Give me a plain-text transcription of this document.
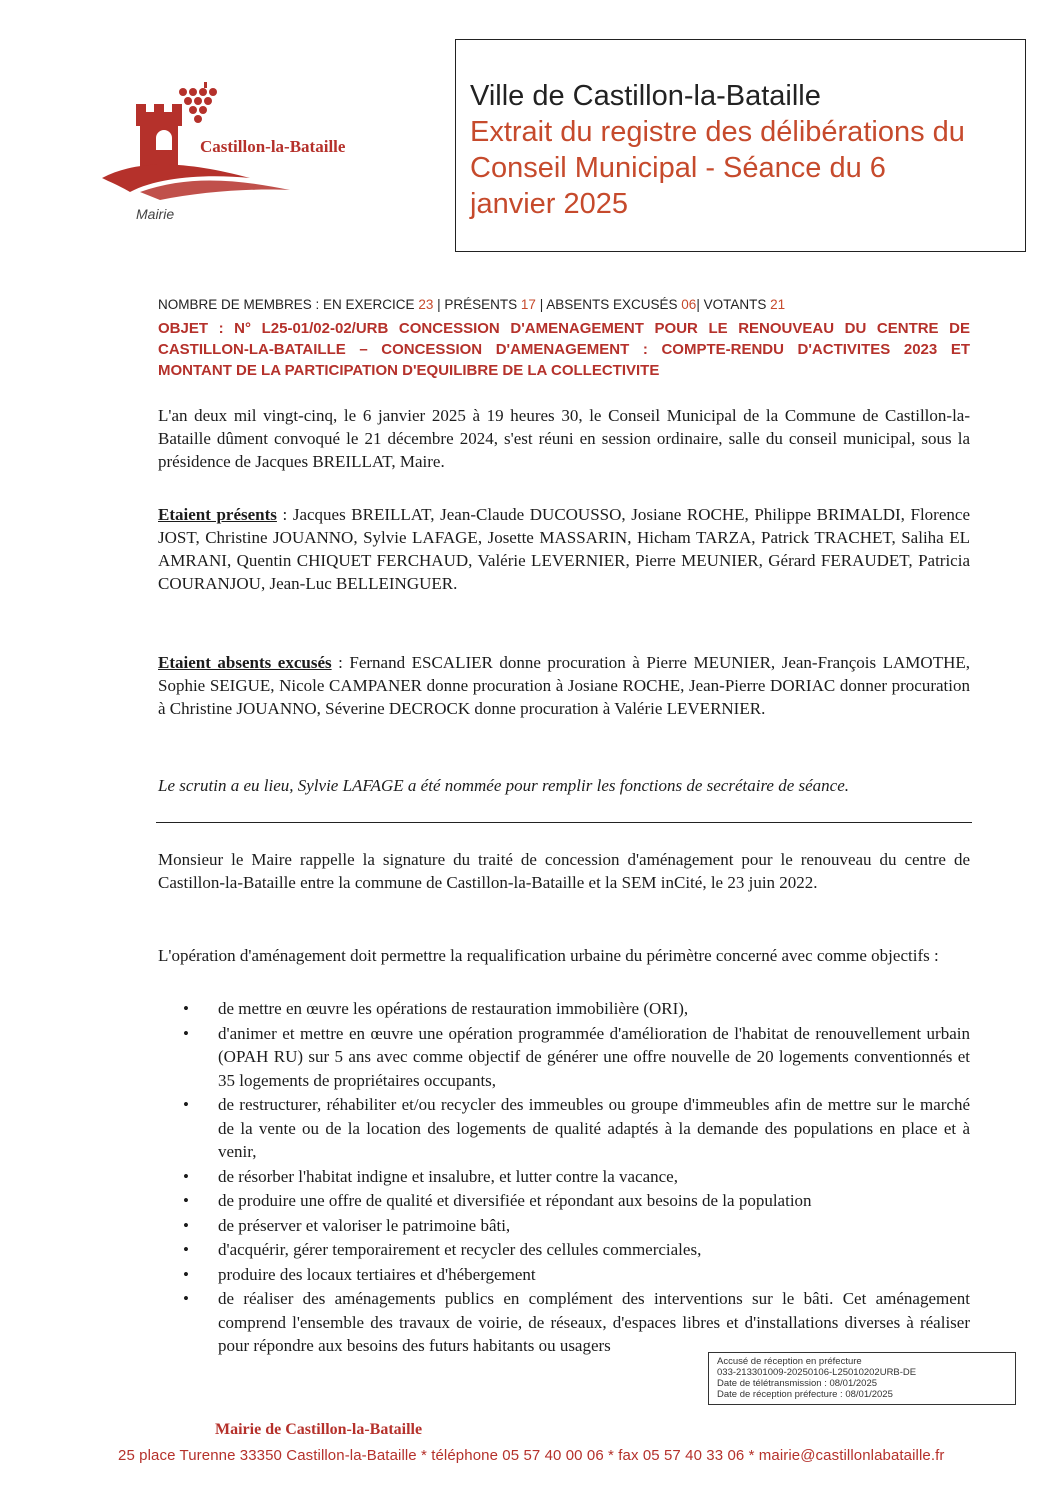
Castillon-la-Bataille
Mairie
Ville de Castillon-la-Bataille
Extrait du registre des délibérations du
Conseil Municipal - Séance du 6
janvier 2025
NOMBRE DE MEMBRES : EN EXERCICE 23 | PRÉSENTS 17 | ABSENTS EXCUSÉS 06| VOTANTS 21
OBJET : N° L25-01/02-02/URB CONCESSION D'AMENAGEMENT POUR LE RENOUVEAU DU CENTRE DE CASTILLON-LA-BATAILLE – CONCESSION D'AMENAGEMENT : COMPTE-RENDU D'ACTIVITES 2023 ET MONTANT DE LA PARTICIPATION D'EQUILIBRE DE LA COLLECTIVITE
L'an deux mil vingt-cinq, le 6 janvier 2025 à 19 heures 30, le Conseil Municipal de la Commune de Castillon-la-Bataille dûment convoqué le 21 décembre 2024, s'est réuni en session ordinaire, salle du conseil municipal, sous la présidence de Jacques BREILLAT, Maire.
Etaient présents : Jacques BREILLAT, Jean-Claude DUCOUSSO, Josiane ROCHE, Philippe BRIMALDI, Florence JOST, Christine JOUANNO, Sylvie LAFAGE, Josette MASSARIN, Hicham TARZA, Patrick TRACHET, Saliha EL AMRANI, Quentin CHIQUET FERCHAUD, Valérie LEVERNIER, Pierre MEUNIER, Gérard FERAUDET, Patricia COURANJOU, Jean-Luc BELLEINGUER.
Etaient absents excusés : Fernand ESCALIER donne procuration à Pierre MEUNIER, Jean-François LAMOTHE, Sophie SEIGUE, Nicole CAMPANER donne procuration à Josiane ROCHE, Jean-Pierre DORIAC donner procuration à Christine JOUANNO, Séverine DECROCK donne procuration à Valérie LEVERNIER.
Le scrutin a eu lieu, Sylvie LAFAGE a été nommée pour remplir les fonctions de secrétaire de séance.
Monsieur le Maire rappelle la signature du traité de concession d'aménagement pour le renouveau du centre de Castillon-la-Bataille entre la commune de Castillon-la-Bataille et la SEM inCité, le 23 juin 2022.
L'opération d'aménagement doit permettre la requalification urbaine du périmètre concerné avec comme objectifs :
• de mettre en œuvre les opérations de restauration immobilière (ORI),
• d'animer et mettre en œuvre une opération programmée d'amélioration de l'habitat de renouvellement urbain (OPAH RU) sur 5 ans avec comme objectif de générer une offre nouvelle de 20 logements conventionnés et 35 logements de propriétaires occupants,
• de restructurer, réhabiliter et/ou recycler des immeubles ou groupe d'immeubles afin de mettre sur le marché de la vente ou de la location des logements de qualité adaptés à la demande des populations en place et à venir,
• de résorber l'habitat indigne et insalubre, et lutter contre la vacance,
• de produire une offre de qualité et diversifiée et répondant aux besoins de la population
• de préserver et valoriser le patrimoine bâti,
• d'acquérir, gérer temporairement et recycler des cellules commerciales,
• produire des locaux tertiaires et d'hébergement
• de réaliser des aménagements publics en complément des interventions sur le bâti. Cet aménagement comprend l'ensemble des travaux de voirie, de réseaux, d'espaces libres et d'installations diverses à réaliser pour répondre aux besoins des futurs habitants ou usagers
Accusé de réception en préfecture
033-213301009-20250106-L25010202URB-DE
Date de télétransmission : 08/01/2025
Date de réception préfecture : 08/01/2025
Mairie de Castillon-la-Bataille
25 place Turenne 33350 Castillon-la-Bataille * téléphone 05 57 40 00 06 * fax 05 57 40 33 06 * mairie@castillonlabataille.fr
